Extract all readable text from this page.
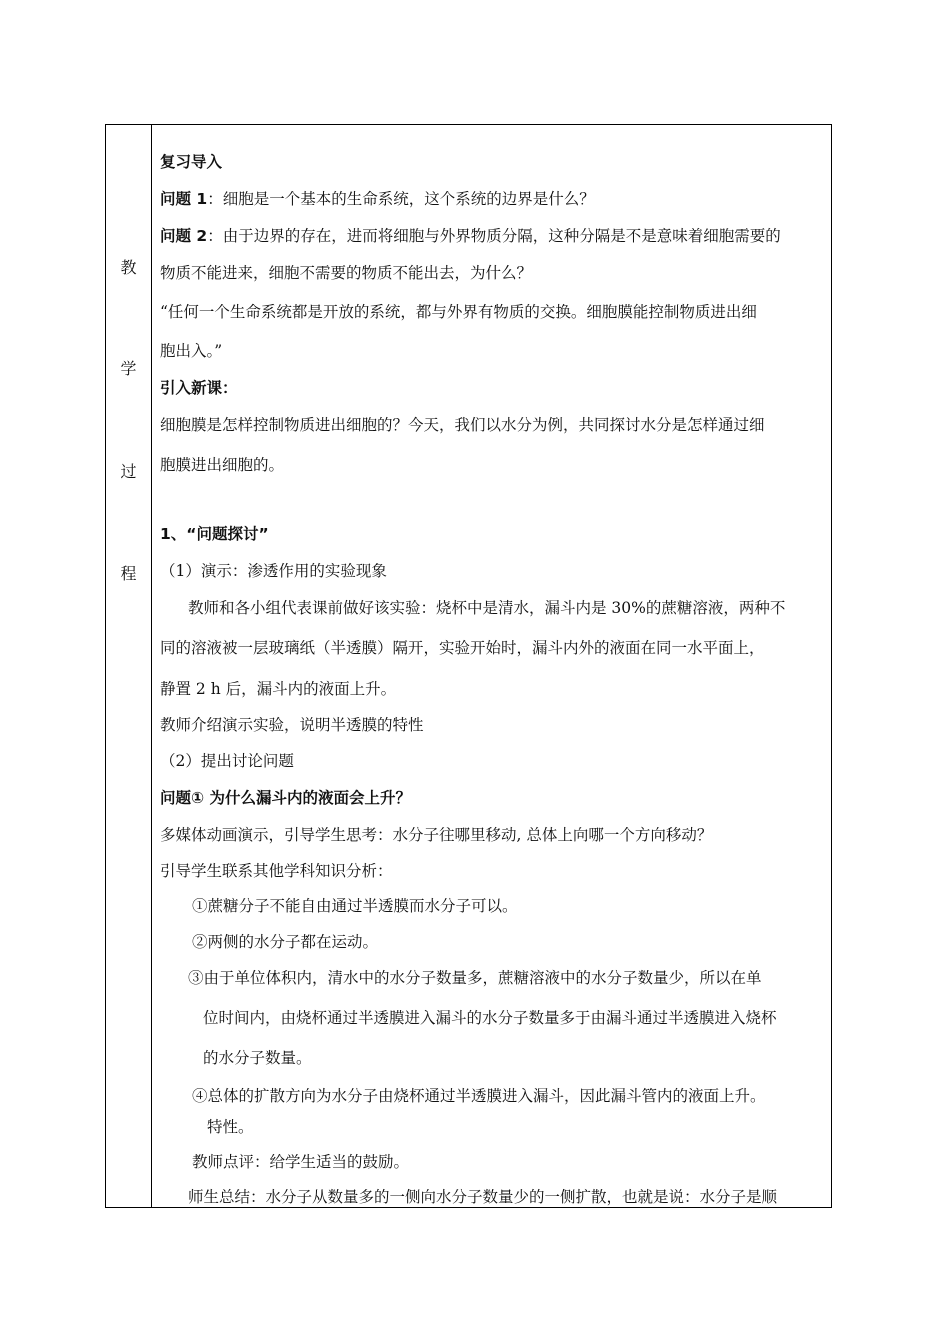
教
学
过
程
复习导入
问题 1：细胞是一个基本的生命系统，这个系统的边界是什么？
问题 2：由于边界的存在，进而将细胞与外界物质分隔，这种分隔是不是意味着细胞需要的
物质不能进来，细胞不需要的物质不能出去，为什么？
“任何一个生命系统都是开放的系统，都与外界有物质的交换。细胞膜能控制物质进出细
胞出入。”
引入新课：
细胞膜是怎样控制物质进出细胞的？今天，我们以水分为例，共同探讨水分是怎样通过细
胞膜进出细胞的。
1、“问题探讨”
（1）演示：渗透作用的实验现象
教师和各小组代表课前做好该实验：烧杯中是清水，漏斗内是 30%的蔗糖溶液，两种不
同的溶液被一层玻璃纸（半透膜）隔开，实验开始时，漏斗内外的液面在同一水平面上，
静置 2 h 后，漏斗内的液面上升。
教师介绍演示实验，说明半透膜的特性
（2）提出讨论问题
问题① 为什么漏斗内的液面会上升？
多媒体动画演示，引导学生思考：水分子往哪里移动, 总体上向哪一个方向移动？
引导学生联系其他学科知识分析：
①蔗糖分子不能自由通过半透膜而水分子可以。
②两侧的水分子都在运动。
③由于单位体积内，清水中的水分子数量多，蔗糖溶液中的水分子数量少，所以在单
位时间内，由烧杯通过半透膜进入漏斗的水分子数量多于由漏斗通过半透膜进入烧杯
的水分子数量。
④总体的扩散方向为水分子由烧杯通过半透膜进入漏斗，因此漏斗管内的液面上升。
特性。
教师点评：给学生适当的鼓励。
师生总结：水分子从数量多的一侧向水分子数量少的一侧扩散，也就是说：水分子是顺
